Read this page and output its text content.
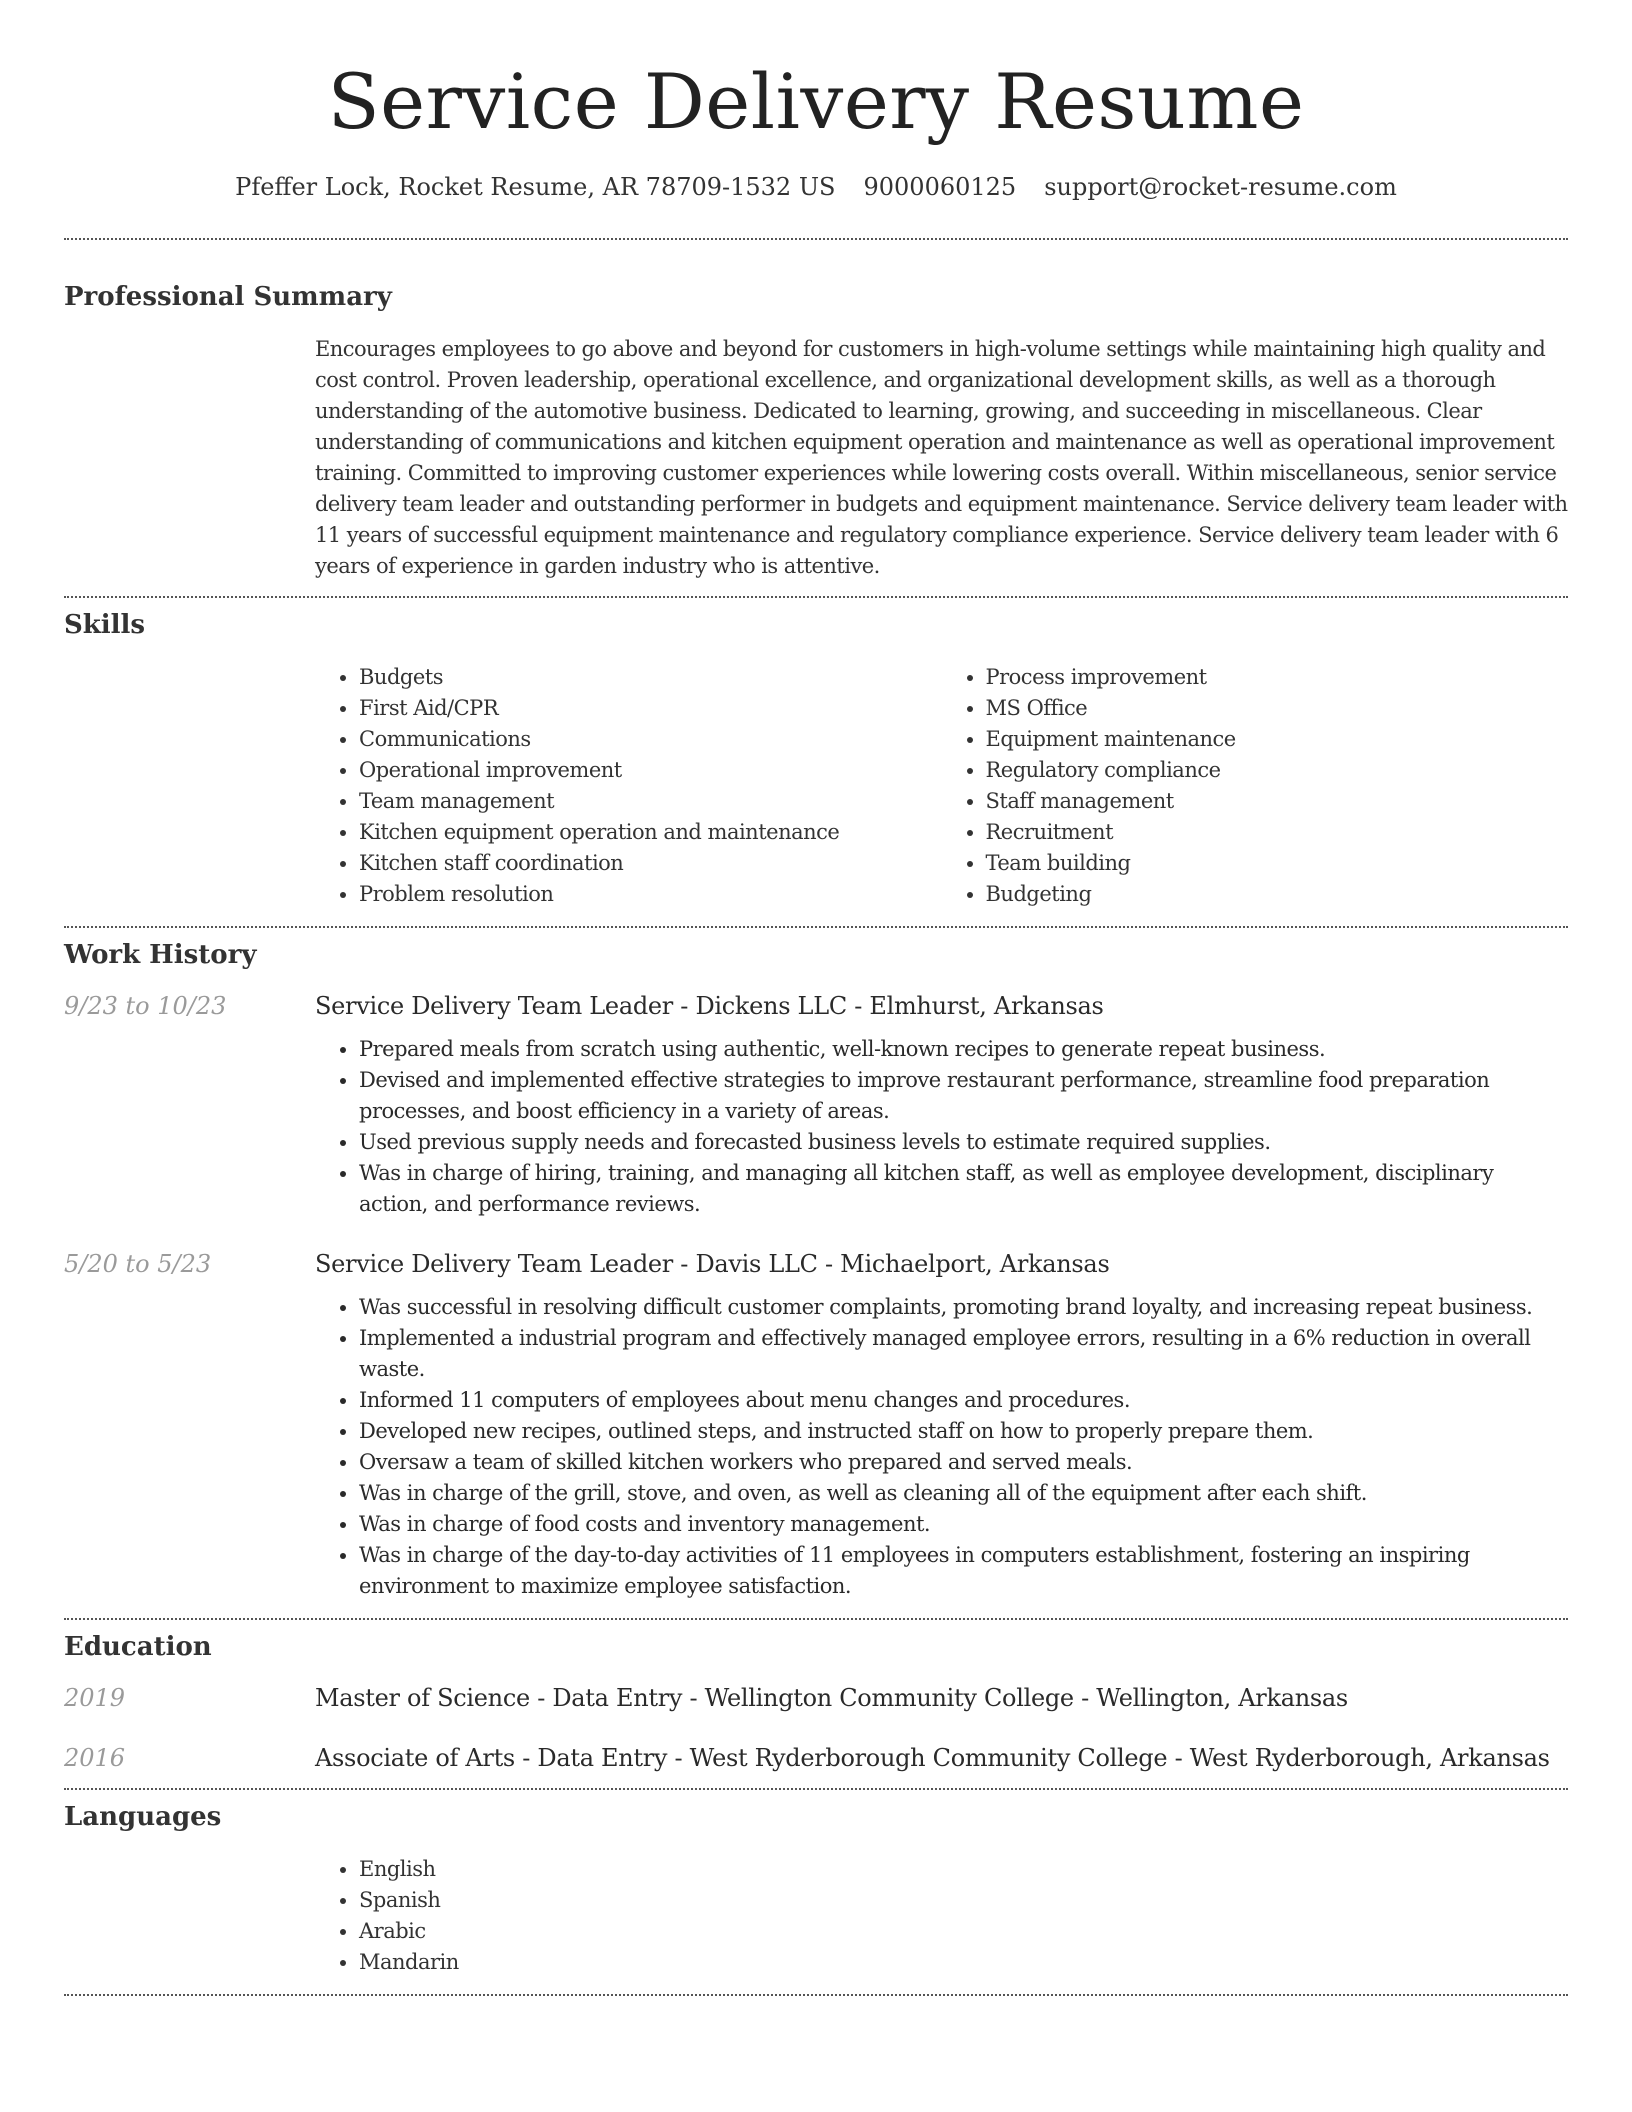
Service Delivery Resume
Pfeffer Lock, Rocket Resume, AR 78709-1532 US 9000060125 support@rocket-resume.com
Professional Summary

Encourages employees to go above and beyond for customers in high-volume settings while maintaining high quality and cost control. Proven leadership, operational excellence, and organizational development skills, as well as a thorough understanding of the automotive business. Dedicated to learning, growing, and succeeding in miscellaneous. Clear understanding of communications and kitchen equipment operation and maintenance as well as operational improvement training. Committed to improving customer experiences while lowering costs overall. Within miscellaneous, senior service delivery team leader and outstanding performer in budgets and equipment maintenance. Service delivery team leader with 11 years of successful equipment maintenance and regulatory compliance experience. Service delivery team leader with 6 years of experience in garden industry who is attentive.

Skills
• Budgets
• First Aid/CPR
• Communications
• Operational improvement
• Team management
• Kitchen equipment operation and maintenance
• Kitchen staff coordination
• Problem resolution
• Process improvement
• MS Office
• Equipment maintenance
• Regulatory compliance
• Staff management
• Recruitment
• Team building
• Budgeting
Work History
9/23 to 10/23	Service Delivery Team Leader - Dickens LLC - Elmhurst, Arkansas
• Prepared meals from scratch using authentic, well-known recipes to generate repeat business.
• Devised and implemented effective strategies to improve restaurant performance, streamline food preparation processes, and boost efficiency in a variety of areas.
• Used previous supply needs and forecasted business levels to estimate required supplies.
• Was in charge of hiring, training, and managing all kitchen staff, as well as employee development, disciplinary action, and performance reviews.
5/20 to 5/23	Service Delivery Team Leader - Davis LLC - Michaelport, Arkansas
• Was successful in resolving difficult customer complaints, promoting brand loyalty, and increasing repeat business.
• Implemented a industrial program and effectively managed employee errors, resulting in a 6% reduction in overall waste.
• Informed 11 computers of employees about menu changes and procedures.
• Developed new recipes, outlined steps, and instructed staff on how to properly prepare them.
• Oversaw a team of skilled kitchen workers who prepared and served meals.
• Was in charge of the grill, stove, and oven, as well as cleaning all of the equipment after each shift.
• Was in charge of food costs and inventory management.
• Was in charge of the day-to-day activities of 11 employees in computers establishment, fostering an inspiring environment to maximize employee satisfaction.
Education
2019	Master of Science - Data Entry - Wellington Community College - Wellington, Arkansas
2016	Associate of Arts - Data Entry - West Ryderborough Community College - West Ryderborough, Arkansas
Languages
• English
• Spanish
• Arabic
• Mandarin
